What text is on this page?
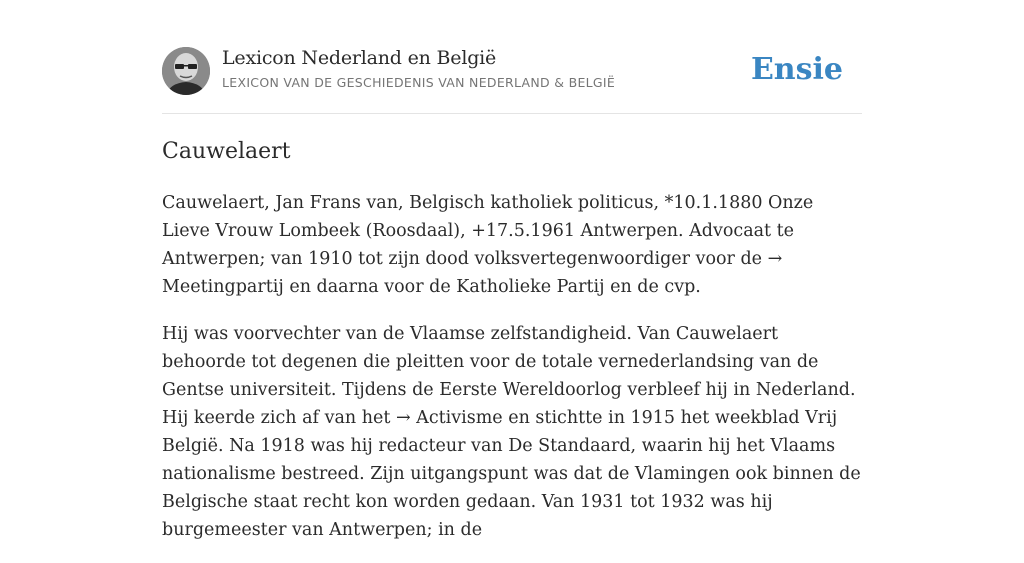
Lexicon Nederland en België
LEXICON VAN DE GESCHIEDENIS VAN NEDERLAND & BELGIË	Ensie
Cauwelaert

Cauwelaert, Jan Frans van, Belgisch katholiek politicus, *10.1.1880 Onze Lieve Vrouw Lombeek (Roosdaal), +17.5.1961 Antwerpen. Advocaat te Antwerpen; van 1910 tot zijn dood volksvertegenwoordiger voor de → Meetingpartij en daarna voor de Katholieke Partij en de cvp.

Hij was voorvechter van de Vlaamse zelfstandigheid. Van Cauwelaert behoorde tot degenen die pleitten voor de totale vernederlandsing van de Gentse universiteit. Tijdens de Eerste Wereldoorlog verbleef hij in Nederland. Hij keerde zich af van het → Activisme en stichtte in 1915 het weekblad Vrij België. Na 1918 was hij redacteur van De Standaard, waarin hij het Vlaams nationalisme bestreed. Zijn uitgangspunt was dat de Vlamingen ook binnen de Belgische staat recht kon worden gedaan. Van 1931 tot 1932 was hij burgemeester van Antwerpen; in de
